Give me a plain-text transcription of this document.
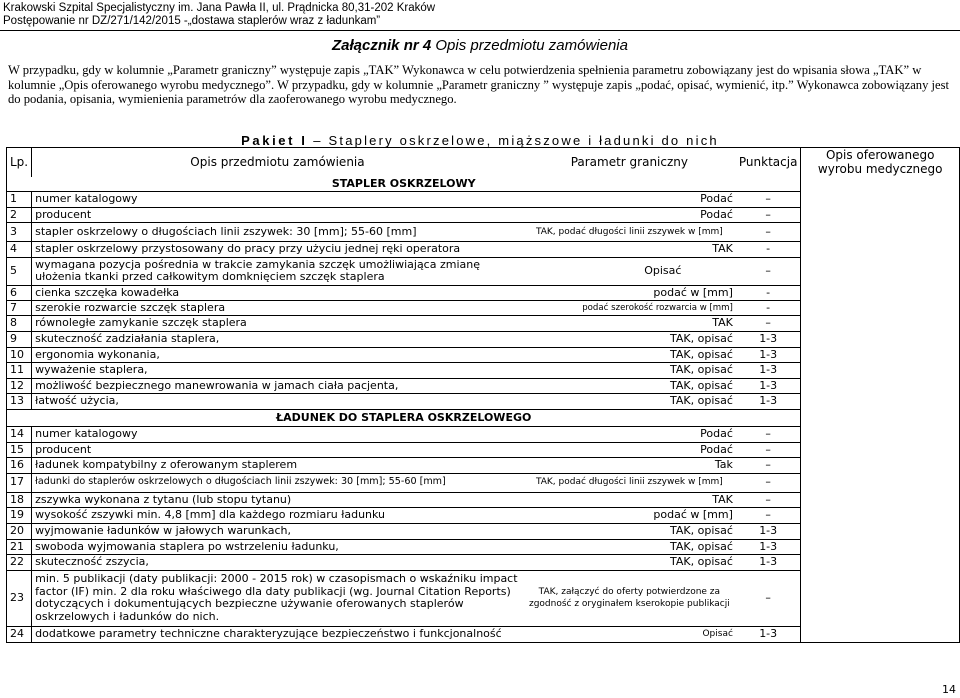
Krakowski Szpital Specjalistyczny im. Jana Pawła II, ul. Prądnicka 80,31-202 Kraków
Postępowanie nr DZ/271/142/2015 -„dostawa staplerów wraz z ładunkam”
Załącznik nr 4 Opis przedmiotu zamówienia
W przypadku, gdy w kolumnie „Parametr graniczny” występuje zapis „TAK” Wykonawca w celu potwierdzenia spełnienia parametru zobowiązany jest do wpisania słowa „TAK” w kolumnie „Opis oferowanego wyrobu medycznego”. W przypadku, gdy w kolumnie „Parametr graniczny ” występuje zapis „podać, opisać, wymienić, itp.” Wykonawca zobowiązany jest do podania, opisania, wymienienia parametrów dla zaoferowanego wyrobu medycznego.
Pakiet I – Staplery oskrzelowe, miąższowe i ładunki do nich
Lp.	Opis przedmiotu zamówienia	Parametr graniczny	Punktacja	Opis oferowanego wyrobu medycznego
STAPLER OSKRZELOWY				
1	numer katalogowy	Podać	–	
2	producent	Podać	–	
3	stapler oskrzelowy o długościach linii zszywek: 30 [mm]; 55-60 [mm]	TAK, podać długości linii zszywek w [mm]	–	
4	stapler oskrzelowy przystosowany do pracy przy użyciu jednej ręki operatora	TAK	-	
5	wymagana pozycja pośrednia w trakcie zamykania szczęk umożliwiająca zmianę ułożenia tkanki przed całkowitym domknięciem szczęk staplera	Opisać	–	
6	cienka szczęka kowadełka	podać w [mm]	-	
7	szerokie rozwarcie szczęk staplera	podać szerokość rozwarcia w [mm]	-	
8	równoległe zamykanie szczęk staplera	TAK	–	
9	skuteczność zadziałania staplera,	TAK, opisać	1-3	
10	ergonomia wykonania,	TAK, opisać	1-3	
11	wyważenie staplera,	TAK, opisać	1-3	
12	możliwość bezpiecznego manewrowania w jamach ciała pacjenta,	TAK, opisać	1-3	
13	łatwość użycia,	TAK, opisać	1-3	
ŁADUNEK DO STAPLERA OSKRZELOWEGO				
14	numer katalogowy	Podać	–	
15	producent	Podać	–	
16	ładunek kompatybilny z oferowanym staplerem	Tak	–	
17	ładunki do staplerów oskrzelowych o długościach linii zszywek: 30 [mm]; 55-60 [mm]	TAK, podać długości linii zszywek w [mm]	–	
18	zszywka wykonana z tytanu (lub stopu tytanu)	TAK	–	
19	wysokość zszywki min. 4,8 [mm] dla każdego rozmiaru ładunku	podać w [mm]	–	
20	wyjmowanie ładunków w jałowych warunkach,	TAK, opisać	1-3	
21	swoboda wyjmowania staplera po wstrzeleniu ładunku,	TAK, opisać	1-3	
22	skuteczność zszycia,	TAK, opisać	1-3	
23	min. 5 publikacji (daty publikacji: 2000 - 2015 rok) w czasopismach o wskaźniku impact factor (IF) min. 2 dla roku właściwego dla daty publikacji (wg. Journal Citation Reports) dotyczących i dokumentujących bezpieczne używanie oferowanych staplerów oskrzelowych i ładunków do nich.	TAK, załączyć do oferty potwierdzone za zgodność z oryginałem kserokopie publikacji	–	
24	dodatkowe parametry techniczne charakteryzujące bezpieczeństwo i funkcjonalność	Opisać	1-3	
14
